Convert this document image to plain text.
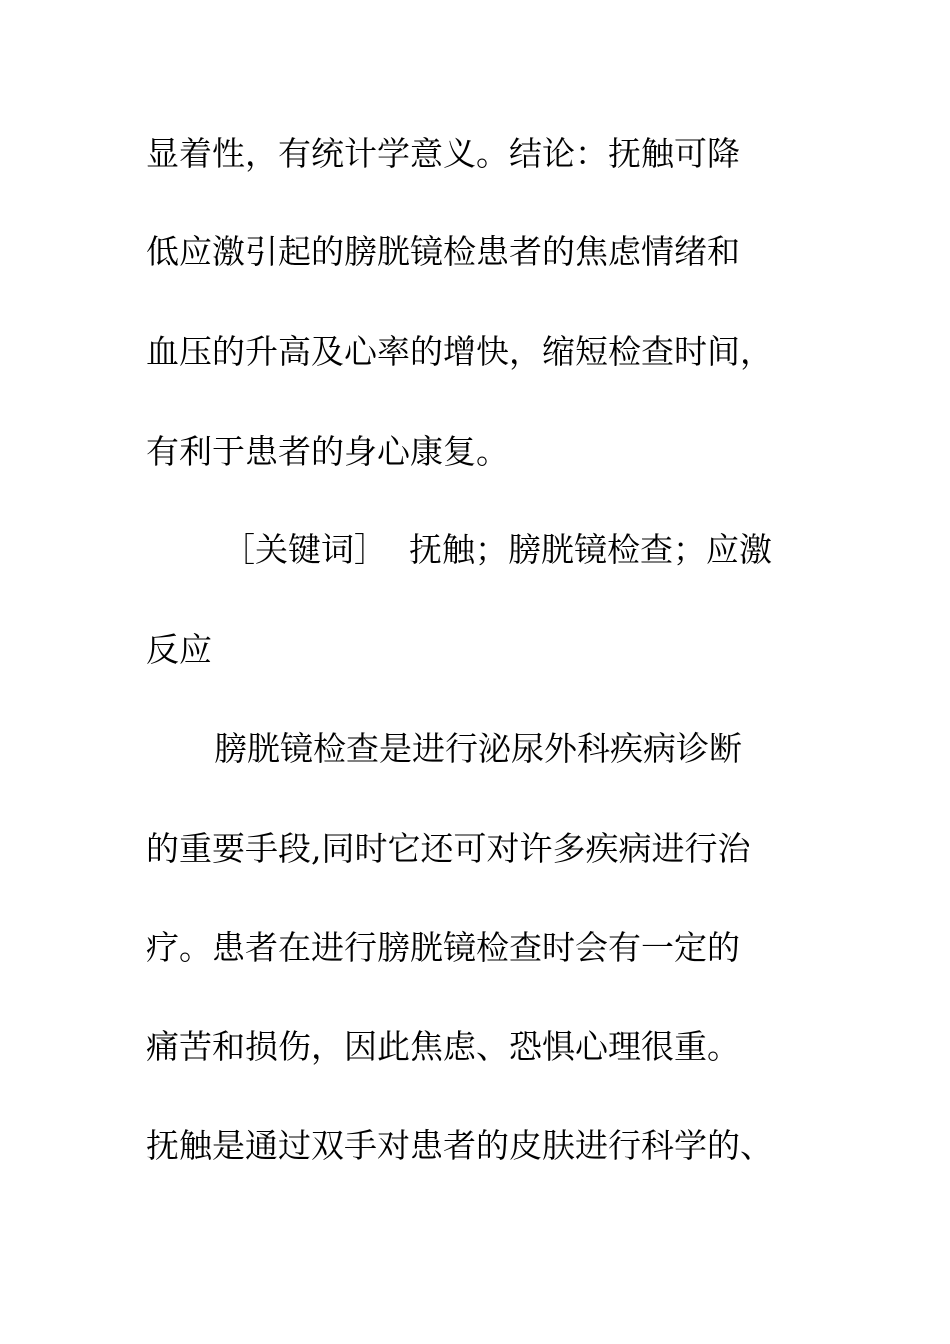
显着性，有统计学意义。结论：抚触可降
低应激引起的膀胱镜检患者的焦虑情绪和
血压的升高及心率的增快，缩短检查时间，
有利于患者的身心康复。
［关键词］ 抚触；膀胱镜检查；应激
反应
膀胱镜检查是进行泌尿外科疾病诊断
的重要手段,同时它还可对许多疾病进行治
疗。患者在进行膀胱镜检查时会有一定的
痛苦和损伤，因此焦虑、恐惧心理很重。
抚触是通过双手对患者的皮肤进行科学的、
